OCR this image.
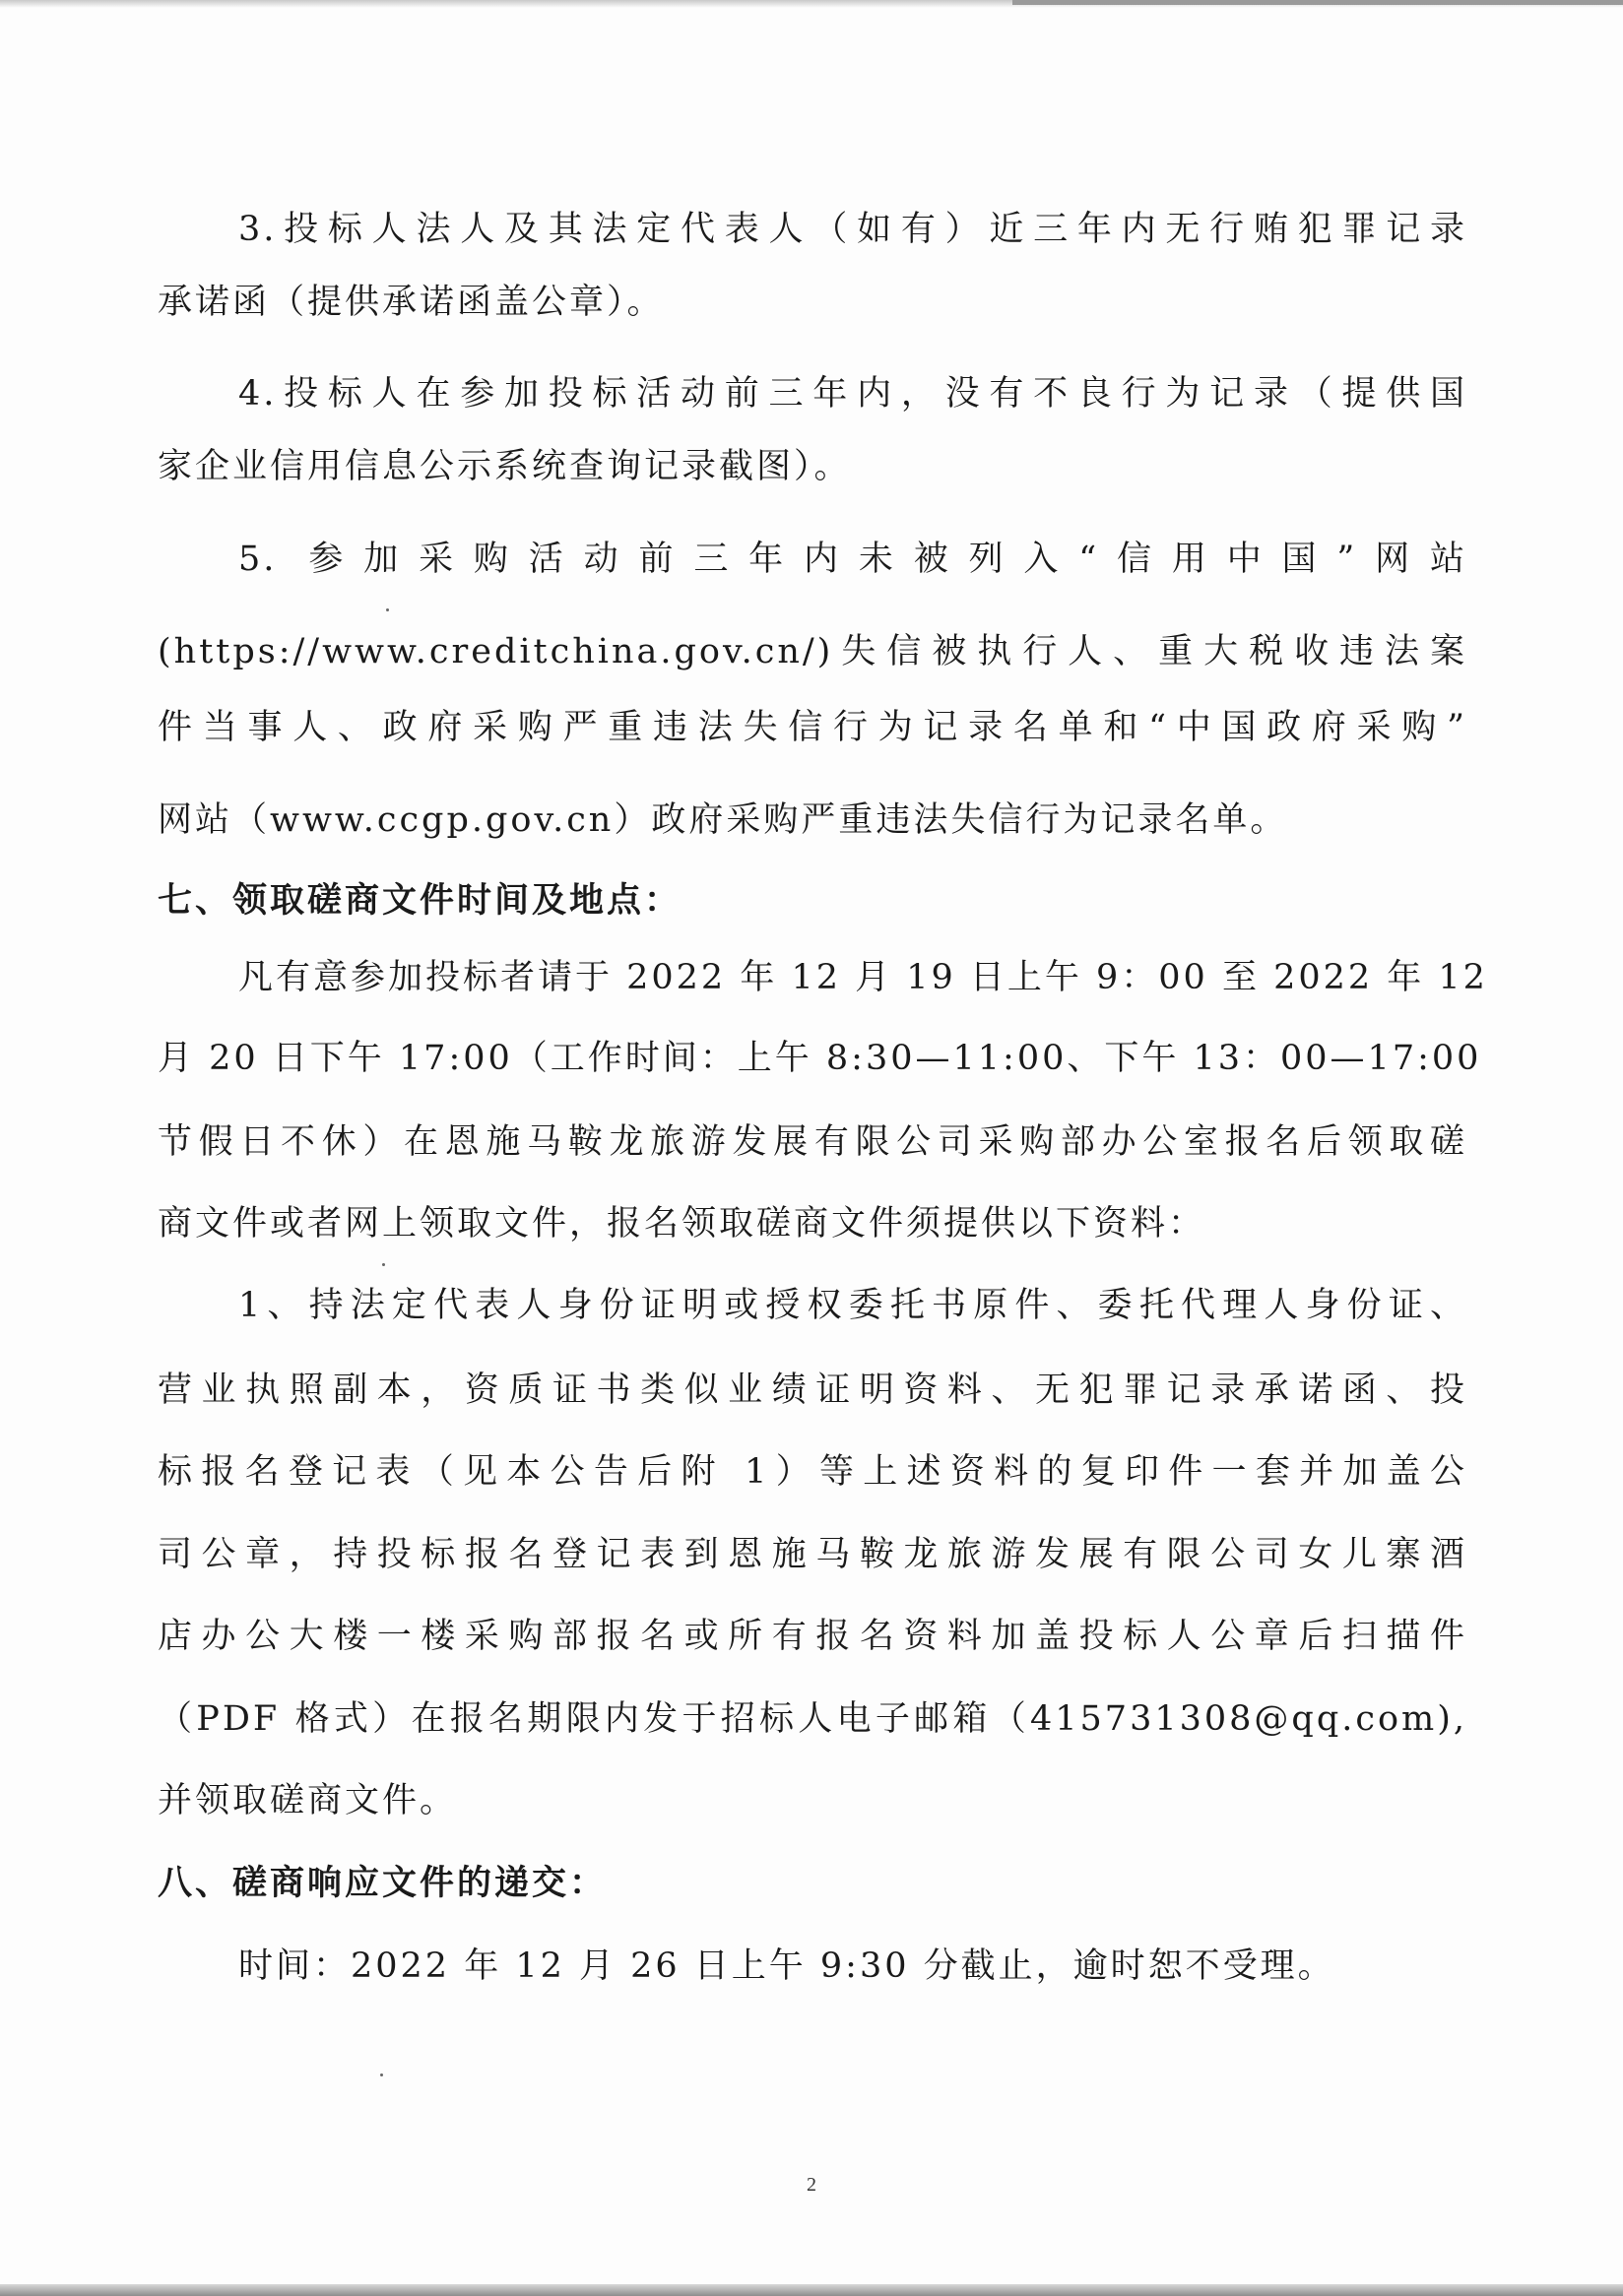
3.投标人法人及其法定代表人（如有）近三年内无行贿犯罪记录
承诺函（提供承诺函盖公章）。
4.投标人在参加投标活动前三年内，没有不良行为记录（提供国
家企业信用信息公示系统查询记录截图）。
5. 参加采购活动前三年内未被列入“信用中国”网站
(https://www.creditchina.gov.cn/)失信被执行人、重大税收违法案
件当事人、政府采购严重违法失信行为记录名单和“中国政府采购”
网站（www.ccgp.gov.cn）政府采购严重违法失信行为记录名单。
七、领取磋商文件时间及地点：
凡有意参加投标者请于 2022 年 12 月 19 日上午 9：00 至 2022 年 12
月 20 日下午 17:00（工作时间：上午 8:30—11:00、下午 13：00—17:00
节假日不休）在恩施马鞍龙旅游发展有限公司采购部办公室报名后领取磋
商文件或者网上领取文件，报名领取磋商文件须提供以下资料：
1、持法定代表人身份证明或授权委托书原件、委托代理人身份证、
营业执照副本，资质证书类似业绩证明资料、无犯罪记录承诺函、投
标报名登记表（见本公告后附 1）等上述资料的复印件一套并加盖公
司公章，持投标报名登记表到恩施马鞍龙旅游发展有限公司女儿寨酒
店办公大楼一楼采购部报名或所有报名资料加盖投标人公章后扫描件
（PDF 格式）在报名期限内发于招标人电子邮箱（415731308@qq.com),
并领取磋商文件。
八、磋商响应文件的递交：
时间：2022 年 12 月 26 日上午 9:30 分截止，逾时恕不受理。
2
